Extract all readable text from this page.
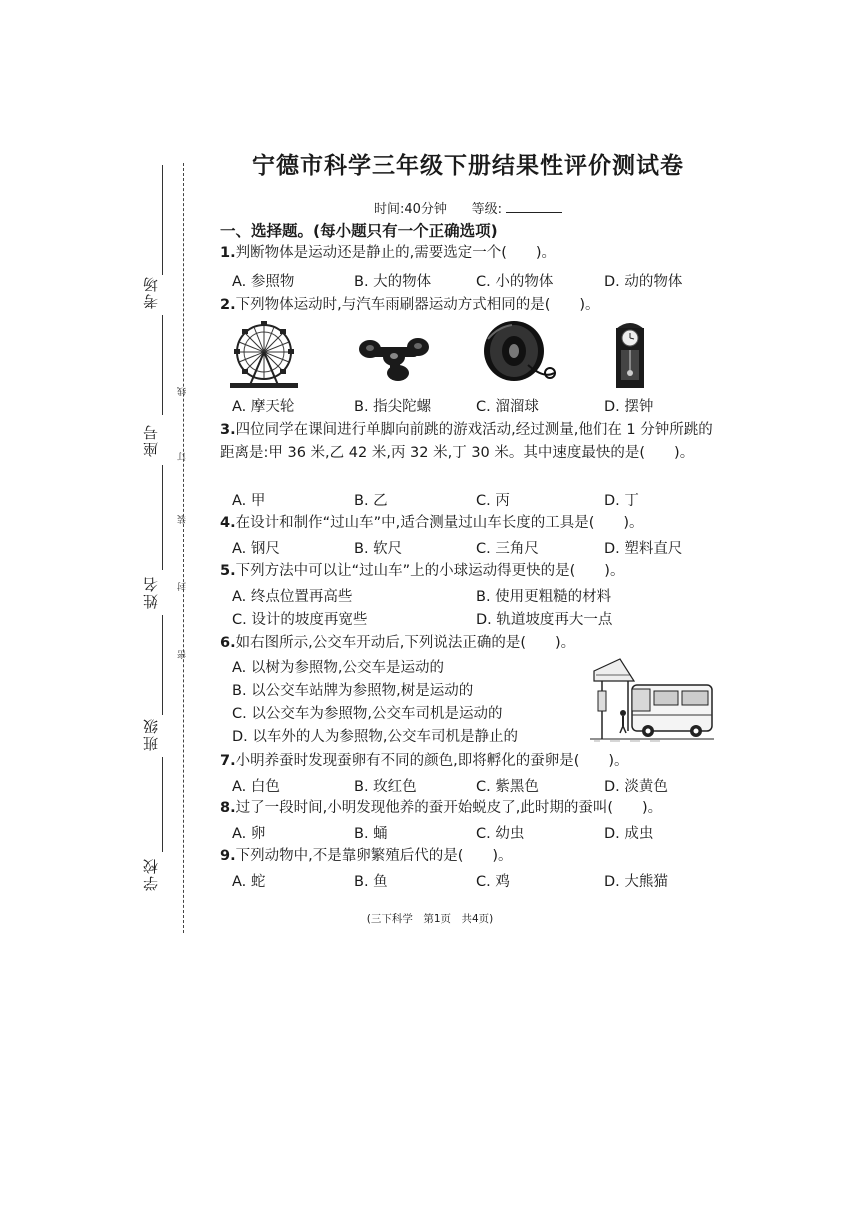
考场
座号
姓名
班级
学校
线
订
装
封
密
宁德市科学三年级下册结果性评价测试卷
时间:40分钟 等级:
一、选择题。(每小题只有一个正确选项)
1.判断物体是运动还是静止的,需要选定一个(　　)。
A. 参照物	B. 大的物体	C. 小的物体	D. 动的物体
2.下列物体运动时,与汽车雨刷器运动方式相同的是(　　)。
A. 摩天轮	B. 指尖陀螺	C. 溜溜球	D. 摆钟
3.四位同学在课间进行单脚向前跳的游戏活动,经过测量,他们在 1 分钟所跳的距离是:甲 36 米,乙 42 米,丙 32 米,丁 30 米。其中速度最快的是(　　)。
A. 甲	B. 乙	C. 丙	D. 丁
4.在设计和制作“过山车”中,适合测量过山车长度的工具是(　　)。
A. 钢尺	B. 软尺	C. 三角尺	D. 塑料直尺
5.下列方法中可以让“过山车”上的小球运动得更快的是(　　)。
A. 终点位置再高些	B. 使用更粗糙的材料
C. 设计的坡度再宽些	D. 轨道坡度再大一点
6.如右图所示,公交车开动后,下列说法正确的是(　　)。
A. 以树为参照物,公交车是运动的
B. 以公交车站牌为参照物,树是运动的
C. 以公交车为参照物,公交车司机是运动的
D. 以车外的人为参照物,公交车司机是静止的
7.小明养蚕时发现蚕卵有不同的颜色,即将孵化的蚕卵是(　　)。
A. 白色	B. 玫红色	C. 紫黑色	D. 淡黄色
8.过了一段时间,小明发现他养的蚕开始蜕皮了,此时期的蚕叫(　　)。
A. 卵	B. 蛹	C. 幼虫	D. 成虫
9.下列动物中,不是靠卵繁殖后代的是(　　)。
A. 蛇	B. 鱼	C. 鸡	D. 大熊猫
(三下科学　第1页　共4页)
